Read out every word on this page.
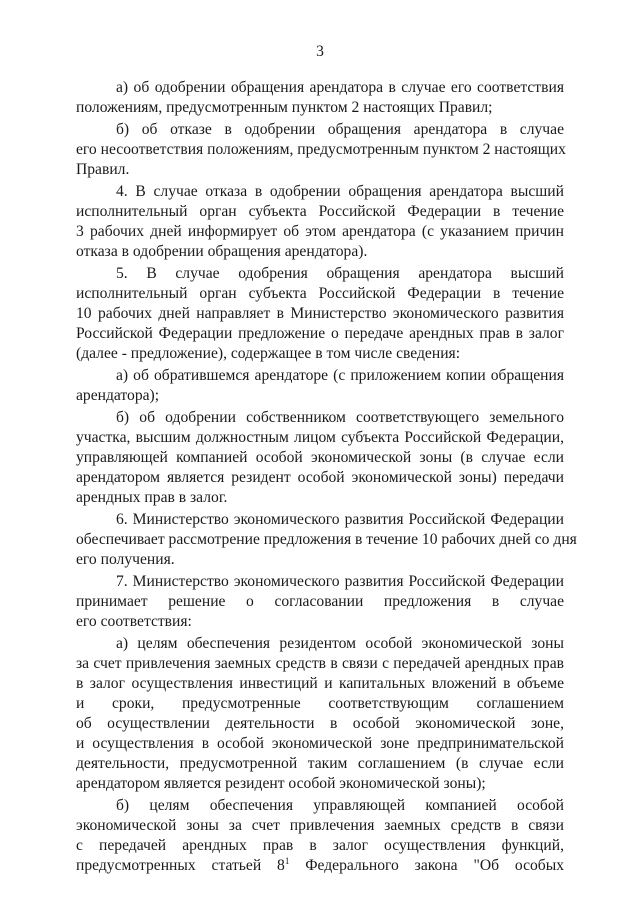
3
а) об одобрении обращения арендатора в случае его соответствия
положениям, предусмотренным пунктом 2 настоящих Правил;
б) об отказе в одобрении обращения арендатора в случае
его несоответствия положениям, предусмотренным пунктом 2 настоящих
Правил.
4. В случае отказа в одобрении обращения арендатора высший
исполнительный орган субъекта Российской Федерации в течение
3 рабочих дней информирует об этом арендатора (с указанием причин
отказа в одобрении обращения арендатора).
5. В случае одобрения обращения арендатора высший
исполнительный орган субъекта Российской Федерации в течение
10 рабочих дней направляет в Министерство экономического развития
Российской Федерации предложение о передаче арендных прав в залог
(далее - предложение), содержащее в том числе сведения:
а) об обратившемся арендаторе (с приложением копии обращения
арендатора);
б) об одобрении собственником соответствующего земельного
участка, высшим должностным лицом субъекта Российской Федерации,
управляющей компанией особой экономической зоны (в случае если
арендатором является резидент особой экономической зоны) передачи
арендных прав в залог.
6. Министерство экономического развития Российской Федерации
обеспечивает рассмотрение предложения в течение 10 рабочих дней со дня
его получения.
7. Министерство экономического развития Российской Федерации
принимает решение о согласовании предложения в случае
его соответствия:
а) целям обеспечения резидентом особой экономической зоны
за счет привлечения заемных средств в связи с передачей арендных прав
в залог осуществления инвестиций и капитальных вложений в объеме
и сроки, предусмотренные соответствующим соглашением
об осуществлении деятельности в особой экономической зоне,
и осуществления в особой экономической зоне предпринимательской
деятельности, предусмотренной таким соглашением (в случае если
арендатором является резидент особой экономической зоны);
б) целям обеспечения управляющей компанией особой
экономической зоны за счет привлечения заемных средств в связи
с передачей арендных прав в залог осуществления функций,
предусмотренных статьей $8^1$ Федерального закона "Об особых
